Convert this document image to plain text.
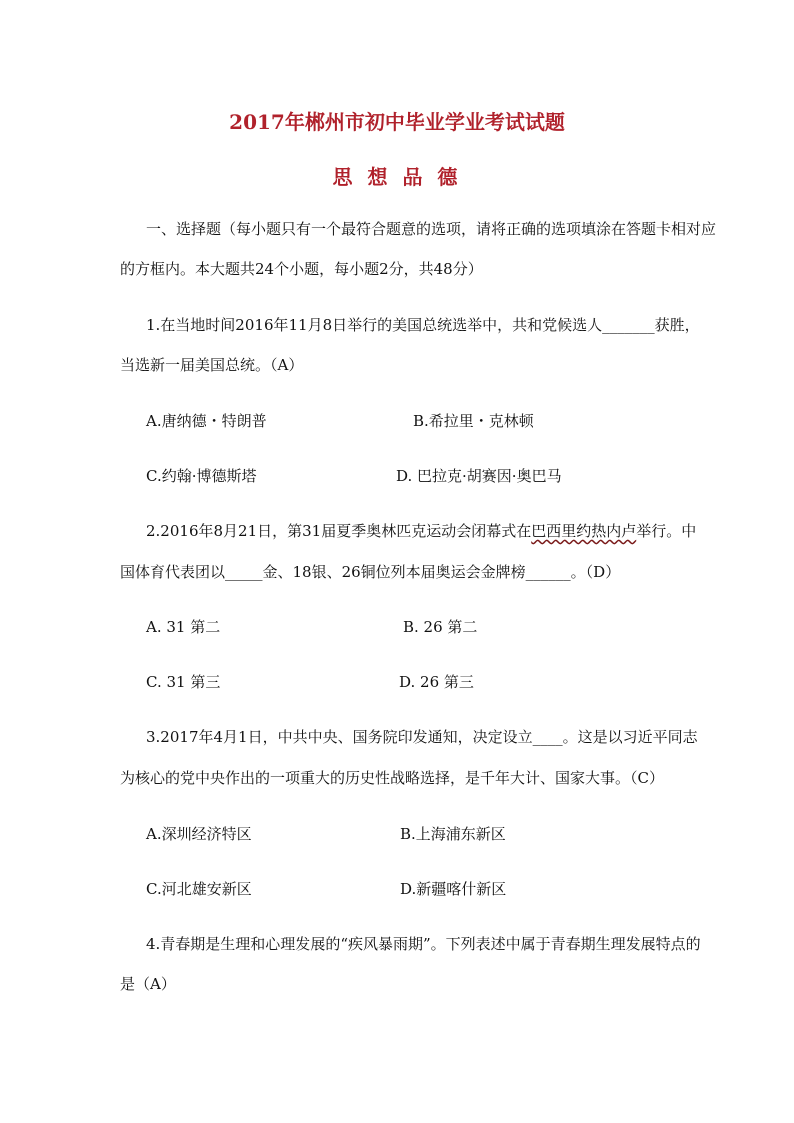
2017年郴州市初中毕业学业考试试题
思 想 品 德
一、选择题（每小题只有一个最符合题意的选项，请将正确的选项填涂在答题卡相对应
的方框内。本大题共24个小题，每小题2分，共48分）
1.在当地时间2016年11月8日举行的美国总统选举中，共和党候选人_______获胜，
当选新一届美国总统。（A）
A.唐纳德・特朗普	B.希拉里・克林顿
C.约翰·博德斯塔	D. 巴拉克·胡赛因·奥巴马
2.2016年8月21日，第31届夏季奥林匹克运动会闭幕式在巴西里约热内卢举行。中
国体育代表团以_____金、18银、26铜位列本届奥运会金牌榜______。（D）
A. 31 第二	B. 26 第二
C. 31 第三	D. 26 第三
3.2017年4月1日，中共中央、国务院印发通知，决定设立____。这是以习近平同志
为核心的党中央作出的一项重大的历史性战略选择，是千年大计、国家大事。（C）
A.深圳经济特区	B.上海浦东新区
C.河北雄安新区	D.新疆喀什新区
4.青春期是生理和心理发展的“疾风暴雨期”。下列表述中属于青春期生理发展特点的
是（A）
